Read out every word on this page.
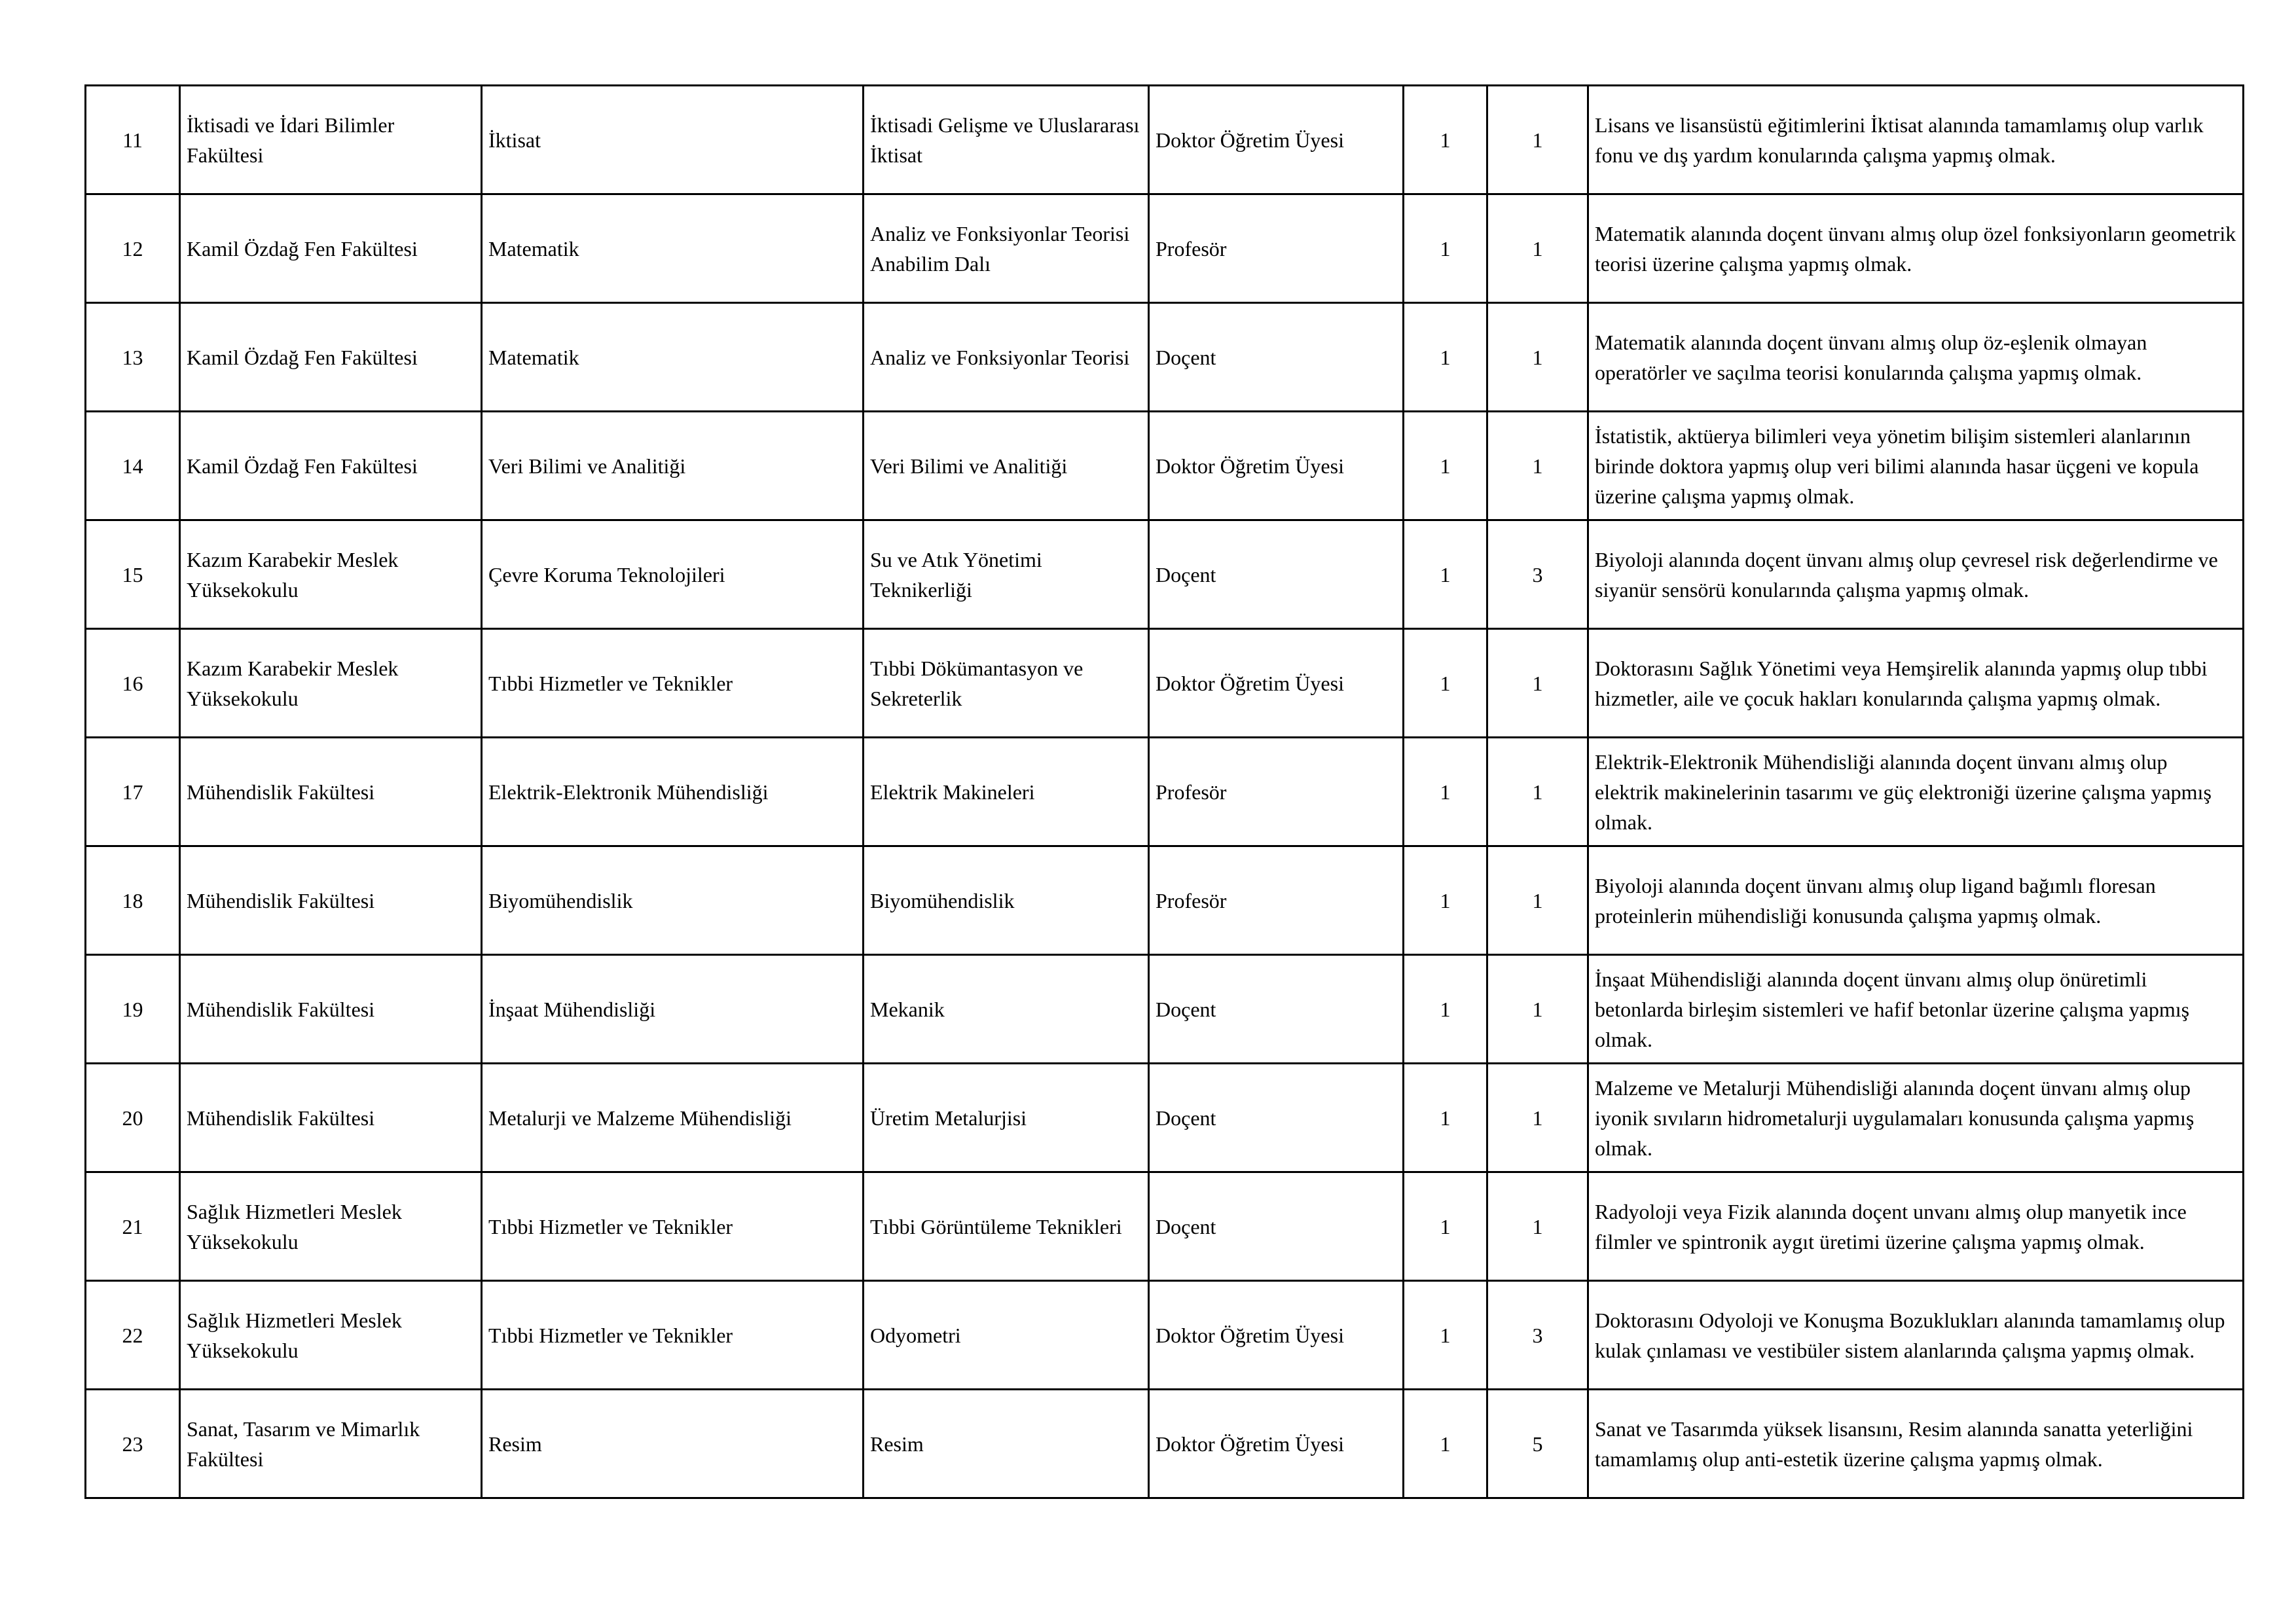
11	İktisadi ve İdari Bilimler Fakültesi	İktisat	İktisadi Gelişme ve Uluslararası İktisat	Doktor Öğretim Üyesi	1	1	Lisans ve lisansüstü eğitimlerini İktisat alanında tamamlamış olup varlık fonu ve dış yardım konularında çalışma yapmış olmak.
12	Kamil Özdağ Fen Fakültesi	Matematik	Analiz ve Fonksiyonlar Teorisi Anabilim Dalı	Profesör	1	1	Matematik alanında doçent ünvanı almış olup özel fonksiyonların geometrik teorisi üzerine çalışma yapmış olmak.
13	Kamil Özdağ Fen Fakültesi	Matematik	Analiz ve Fonksiyonlar Teorisi	Doçent	1	1	Matematik alanında doçent ünvanı almış olup öz-eşlenik olmayan operatörler ve saçılma teorisi konularında çalışma yapmış olmak.
14	Kamil Özdağ Fen Fakültesi	Veri Bilimi ve Analitiği	Veri Bilimi ve Analitiği	Doktor Öğretim Üyesi	1	1	İstatistik, aktüerya bilimleri veya yönetim bilişim sistemleri alanlarının birinde doktora yapmış olup veri bilimi alanında hasar üçgeni ve kopula üzerine çalışma yapmış olmak.
15	Kazım Karabekir Meslek Yüksekokulu	Çevre Koruma Teknolojileri	Su ve Atık Yönetimi Teknikerliği	Doçent	1	3	Biyoloji alanında doçent ünvanı almış olup çevresel risk değerlendirme ve siyanür sensörü konularında çalışma yapmış olmak.
16	Kazım Karabekir Meslek Yüksekokulu	Tıbbi Hizmetler ve Teknikler	Tıbbi Dökümantasyon ve Sekreterlik	Doktor Öğretim Üyesi	1	1	Doktorasını Sağlık Yönetimi veya Hemşirelik alanında yapmış olup tıbbi hizmetler, aile ve çocuk hakları konularında çalışma yapmış olmak.
17	Mühendislik Fakültesi	Elektrik-Elektronik Mühendisliği	Elektrik Makineleri	Profesör	1	1	Elektrik-Elektronik Mühendisliği alanında doçent ünvanı almış olup elektrik makinelerinin tasarımı ve güç elektroniği üzerine çalışma yapmış olmak.
18	Mühendislik Fakültesi	Biyomühendislik	Biyomühendislik	Profesör	1	1	Biyoloji alanında doçent ünvanı almış olup ligand bağımlı floresan proteinlerin mühendisliği konusunda çalışma yapmış olmak.
19	Mühendislik Fakültesi	İnşaat Mühendisliği	Mekanik	Doçent	1	1	İnşaat Mühendisliği alanında doçent ünvanı almış olup önüretimli betonlarda birleşim sistemleri ve hafif betonlar üzerine çalışma yapmış olmak.
20	Mühendislik Fakültesi	Metalurji ve Malzeme Mühendisliği	Üretim Metalurjisi	Doçent	1	1	Malzeme ve Metalurji Mühendisliği alanında doçent ünvanı almış olup iyonik sıvıların hidrometalurji uygulamaları konusunda çalışma yapmış olmak.
21	Sağlık Hizmetleri Meslek Yüksekokulu	Tıbbi Hizmetler ve Teknikler	Tıbbi Görüntüleme Teknikleri	Doçent	1	1	Radyoloji veya Fizik alanında doçent unvanı almış olup manyetik ince filmler ve spintronik aygıt üretimi üzerine çalışma yapmış olmak.
22	Sağlık Hizmetleri Meslek Yüksekokulu	Tıbbi Hizmetler ve Teknikler	Odyometri	Doktor Öğretim Üyesi	1	3	Doktorasını Odyoloji ve Konuşma Bozuklukları alanında tamamlamış olup kulak çınlaması ve vestibüler sistem alanlarında çalışma yapmış olmak.
23	Sanat, Tasarım ve Mimarlık Fakültesi	Resim	Resim	Doktor Öğretim Üyesi	1	5	Sanat ve Tasarımda yüksek lisansını, Resim alanında sanatta yeterliğini tamamlamış olup anti-estetik üzerine çalışma yapmış olmak.
